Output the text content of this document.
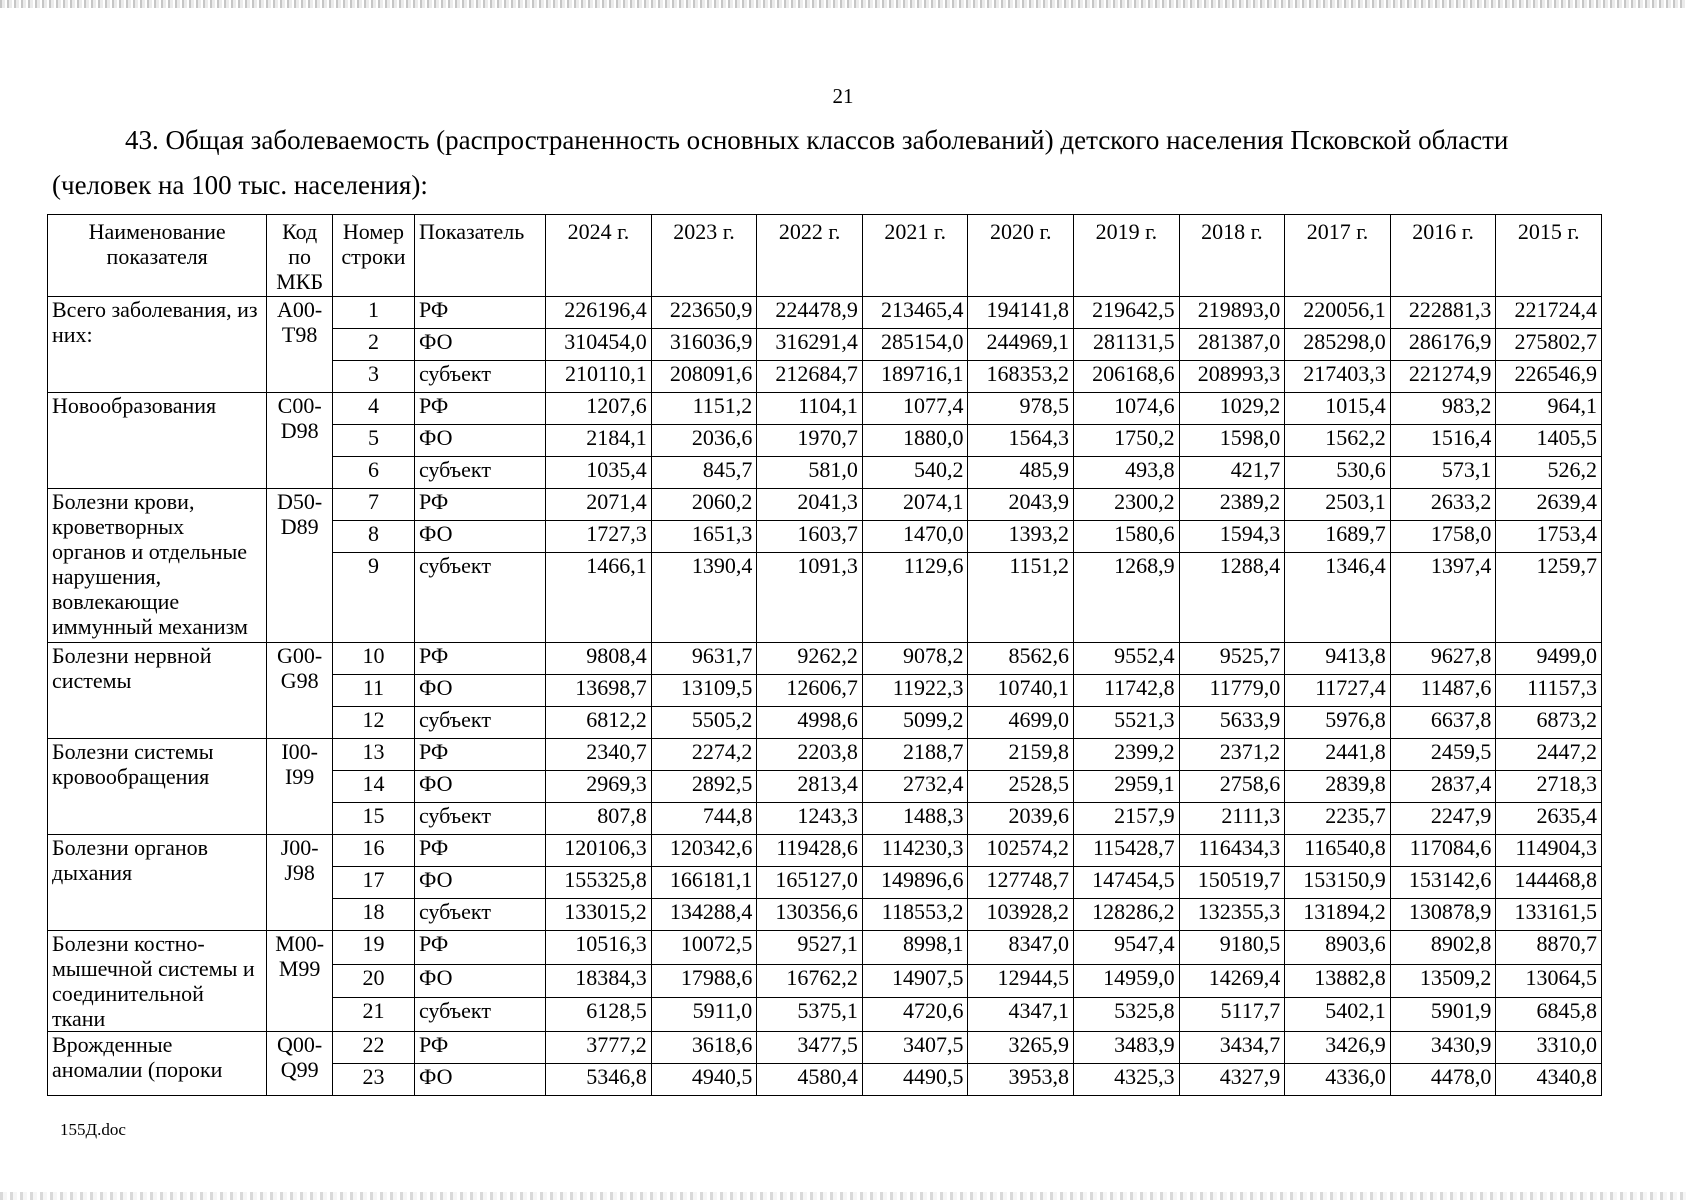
21
43. Общая заболеваемость (распространенность основных классов заболеваний) детского населения Псковской области (человек на 100 тыс. населения):
Наименование показателя	Код по МКБ	Номер строки	Показатель	2024 г.	2023 г.	2022 г.	2021 г.	2020 г.	2019 г.	2018 г.	2017 г.	2016 г.	2015 г.
Всего заболевания, из них:	A00-T98	1	РФ	226196,4	223650,9	224478,9	213465,4	194141,8	219642,5	219893,0	220056,1	222881,3	221724,4
		2	ФО	310454,0	316036,9	316291,4	285154,0	244969,1	281131,5	281387,0	285298,0	286176,9	275802,7
		3	субъект	210110,1	208091,6	212684,7	189716,1	168353,2	206168,6	208993,3	217403,3	221274,9	226546,9
Новообразования	C00-D98	4	РФ	1207,6	1151,2	1104,1	1077,4	978,5	1074,6	1029,2	1015,4	983,2	964,1
		5	ФО	2184,1	2036,6	1970,7	1880,0	1564,3	1750,2	1598,0	1562,2	1516,4	1405,5
		6	субъект	1035,4	845,7	581,0	540,2	485,9	493,8	421,7	530,6	573,1	526,2
Болезни крови, кроветворных органов и отдельные нарушения, вовлекающие иммунный механизм	D50-D89	7	РФ	2071,4	2060,2	2041,3	2074,1	2043,9	2300,2	2389,2	2503,1	2633,2	2639,4
		8	ФО	1727,3	1651,3	1603,7	1470,0	1393,2	1580,6	1594,3	1689,7	1758,0	1753,4
		9	субъект	1466,1	1390,4	1091,3	1129,6	1151,2	1268,9	1288,4	1346,4	1397,4	1259,7
Болезни нервной системы	G00-G98	10	РФ	9808,4	9631,7	9262,2	9078,2	8562,6	9552,4	9525,7	9413,8	9627,8	9499,0
		11	ФО	13698,7	13109,5	12606,7	11922,3	10740,1	11742,8	11779,0	11727,4	11487,6	11157,3
		12	субъект	6812,2	5505,2	4998,6	5099,2	4699,0	5521,3	5633,9	5976,8	6637,8	6873,2
Болезни системы кровообращения	I00-I99	13	РФ	2340,7	2274,2	2203,8	2188,7	2159,8	2399,2	2371,2	2441,8	2459,5	2447,2
		14	ФО	2969,3	2892,5	2813,4	2732,4	2528,5	2959,1	2758,6	2839,8	2837,4	2718,3
		15	субъект	807,8	744,8	1243,3	1488,3	2039,6	2157,9	2111,3	2235,7	2247,9	2635,4
Болезни органов дыхания	J00-J98	16	РФ	120106,3	120342,6	119428,6	114230,3	102574,2	115428,7	116434,3	116540,8	117084,6	114904,3
		17	ФО	155325,8	166181,1	165127,0	149896,6	127748,7	147454,5	150519,7	153150,9	153142,6	144468,8
		18	субъект	133015,2	134288,4	130356,6	118553,2	103928,2	128286,2	132355,3	131894,2	130878,9	133161,5
Болезни костно-мышечной системы и соединительной ткани	M00-M99	19	РФ	10516,3	10072,5	9527,1	8998,1	8347,0	9547,4	9180,5	8903,6	8902,8	8870,7
		20	ФО	18384,3	17988,6	16762,2	14907,5	12944,5	14959,0	14269,4	13882,8	13509,2	13064,5
		21	субъект	6128,5	5911,0	5375,1	4720,6	4347,1	5325,8	5117,7	5402,1	5901,9	6845,8
Врожденные аномалии (пороки	Q00-Q99	22	РФ	3777,2	3618,6	3477,5	3407,5	3265,9	3483,9	3434,7	3426,9	3430,9	3310,0
		23	ФО	5346,8	4940,5	4580,4	4490,5	3953,8	4325,3	4327,9	4336,0	4478,0	4340,8
155Д.doc
